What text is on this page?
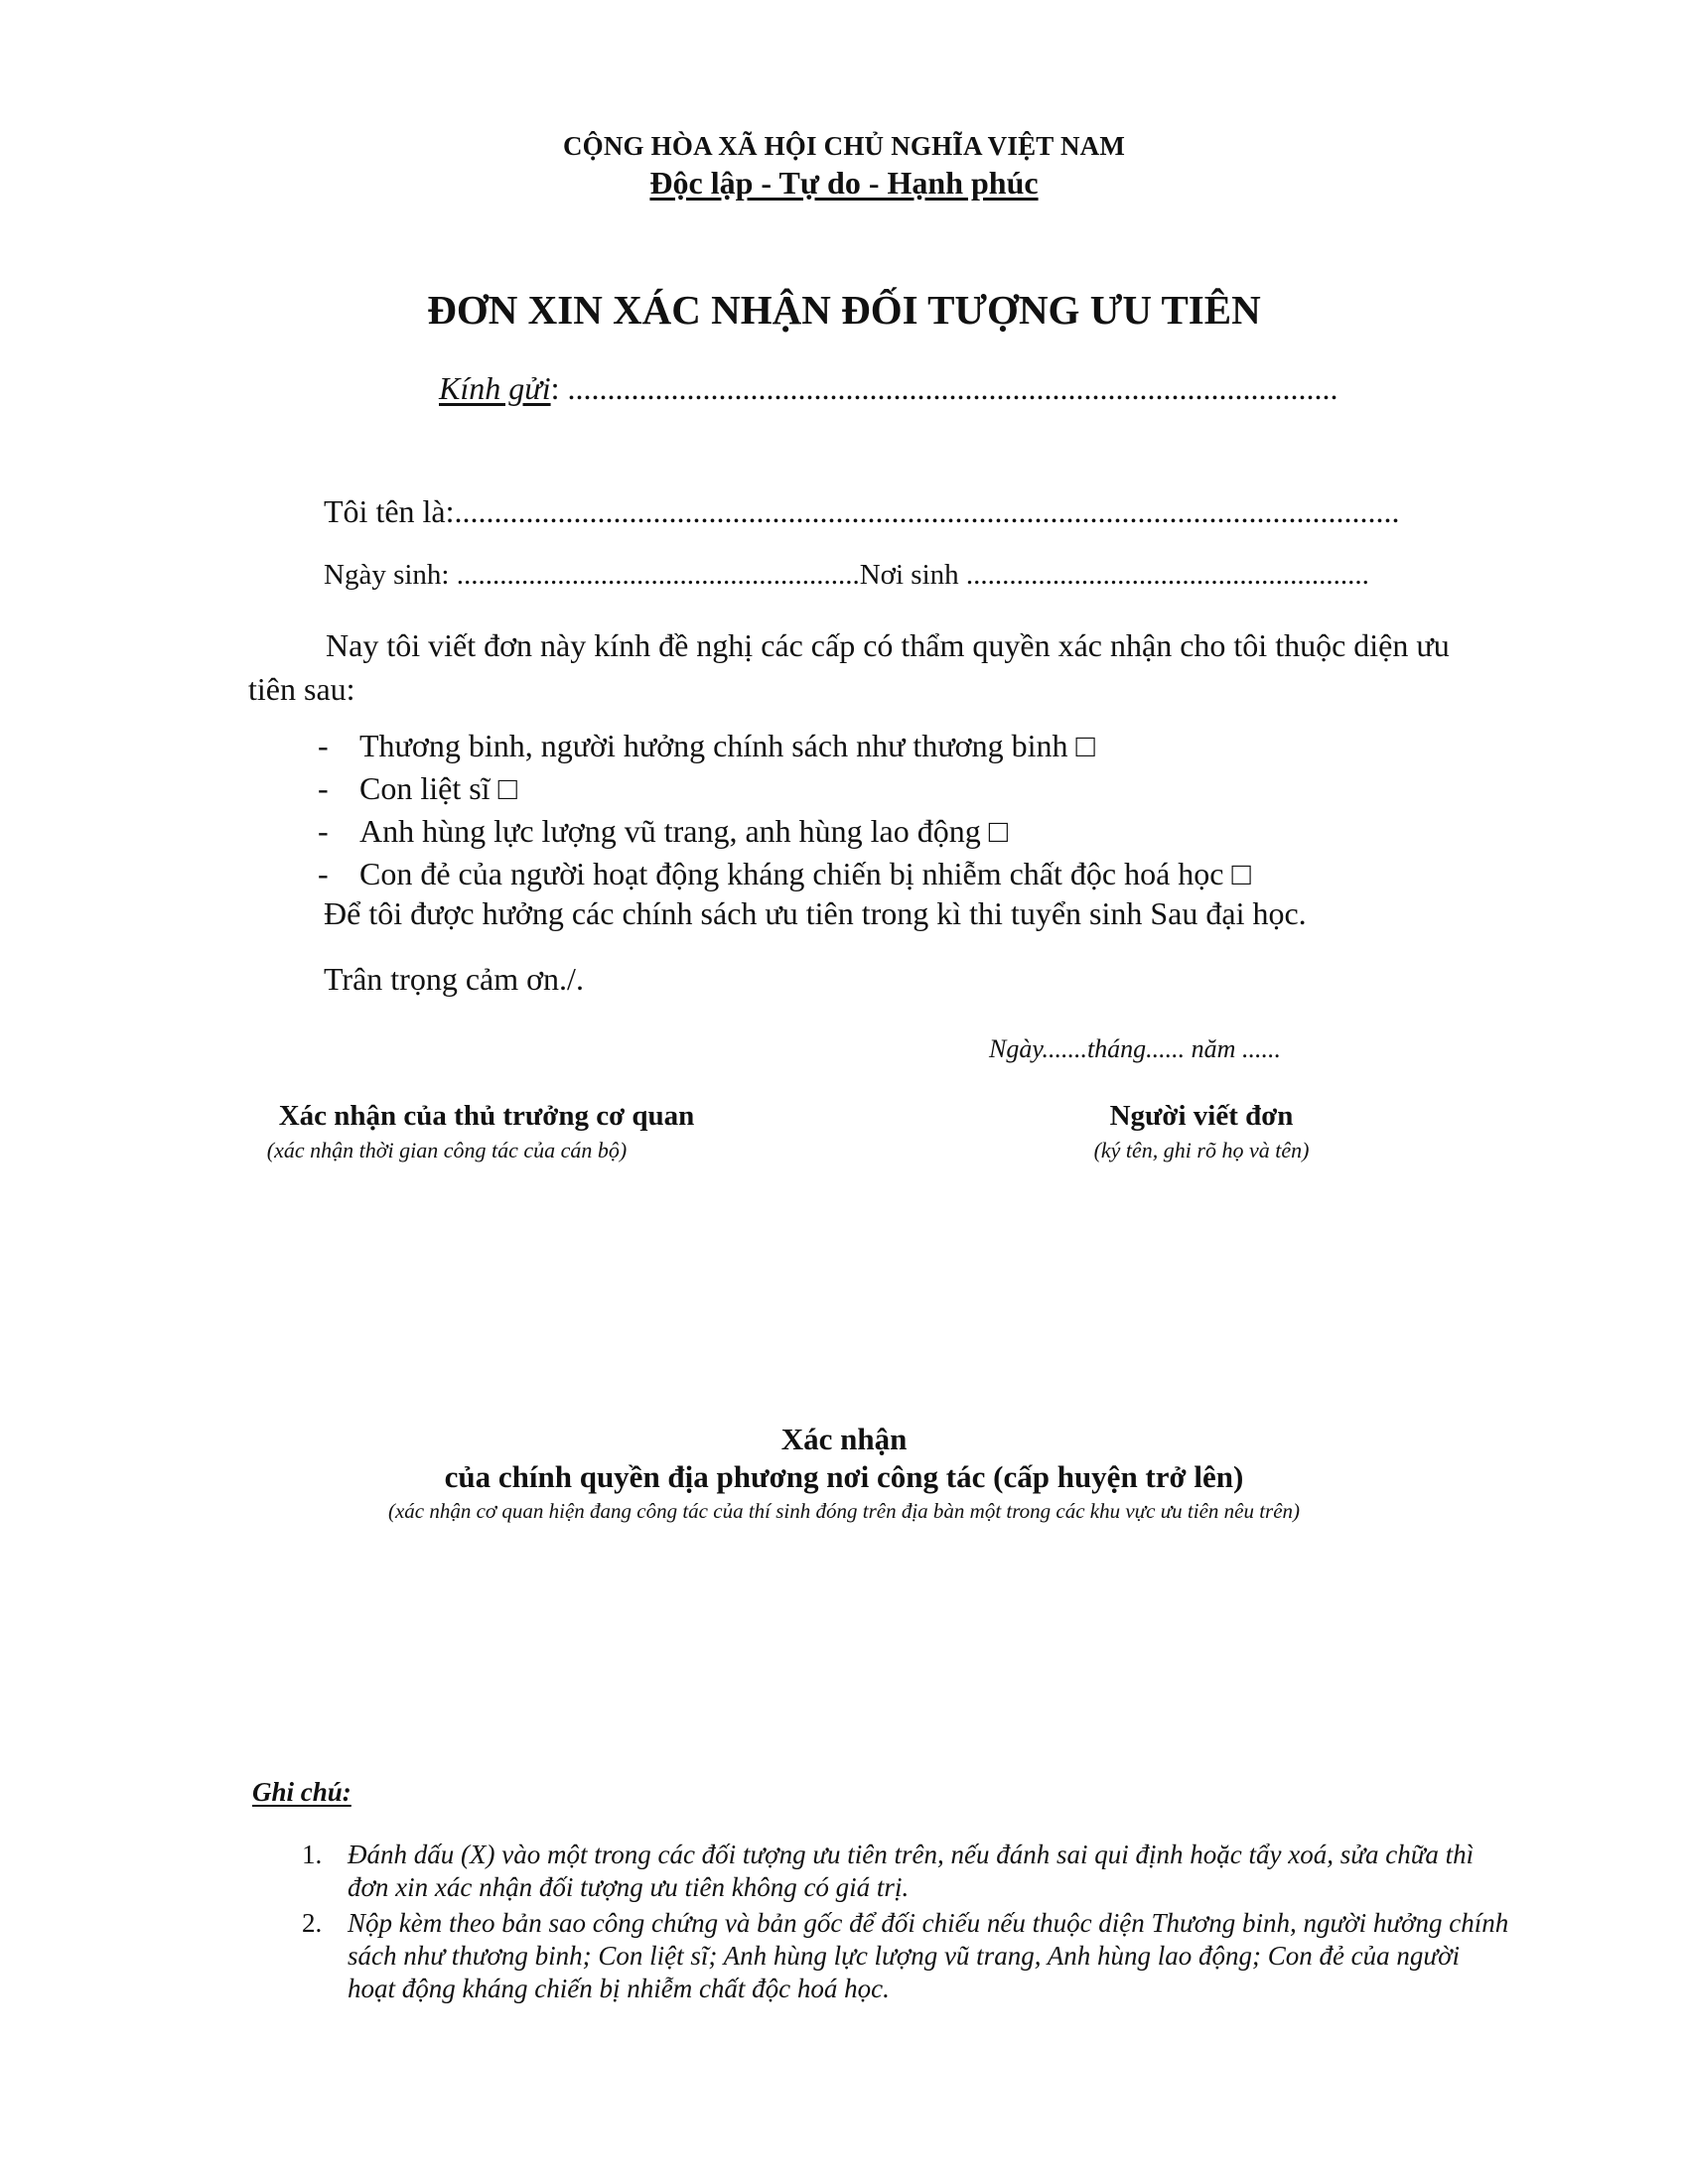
CỘNG HÒA XÃ HỘI CHỦ NGHĨA VIỆT NAM
Độc lập - Tự do - Hạnh phúc
ĐƠN XIN XÁC NHẬN ĐỐI TƯỢNG ƯU TIÊN
Kính gửi: .................................................................................................
Tôi tên là:.......................................................................................................................
Ngày sinh: ........................................................Nơi sinh ........................................................
Nay tôi viết đơn này kính đề nghị các cấp có thẩm quyền xác nhận cho tôi thuộc diện ưu tiên sau:
- Thương binh, người hưởng chính sách như thương binh □
- Con liệt sĩ □
- Anh hùng lực lượng vũ trang, anh hùng lao động □
- Con đẻ của người hoạt động kháng chiến bị nhiễm chất độc hoá học □
Để tôi được hưởng các chính sách ưu tiên trong kì thi tuyển sinh Sau đại học.
Trân trọng cảm ơn./.
Ngày.......tháng...... năm ......
Xác nhận của thủ trưởng cơ quan
(xác nhận thời gian công tác của cán bộ)
Người viết đơn
(ký tên, ghi rõ họ và tên)
Xác nhận
của chính quyền địa phương nơi công tác (cấp huyện trở lên)
(xác nhận cơ quan hiện đang công tác của thí sinh đóng trên địa bàn một trong các khu vực ưu tiên nêu trên)
Ghi chú:
1. Đánh dấu (X) vào một trong các đối tượng ưu tiên trên, nếu đánh sai qui định hoặc tẩy xoá, sửa chữa thì đơn xin xác nhận đối tượng ưu tiên không có giá trị.
2. Nộp kèm theo bản sao công chứng và bản gốc để đối chiếu nếu thuộc diện Thương binh, người hưởng chính sách như thương binh; Con liệt sĩ; Anh hùng lực lượng vũ trang, Anh hùng lao động; Con đẻ của người hoạt động kháng chiến bị nhiễm chất độc hoá học.
